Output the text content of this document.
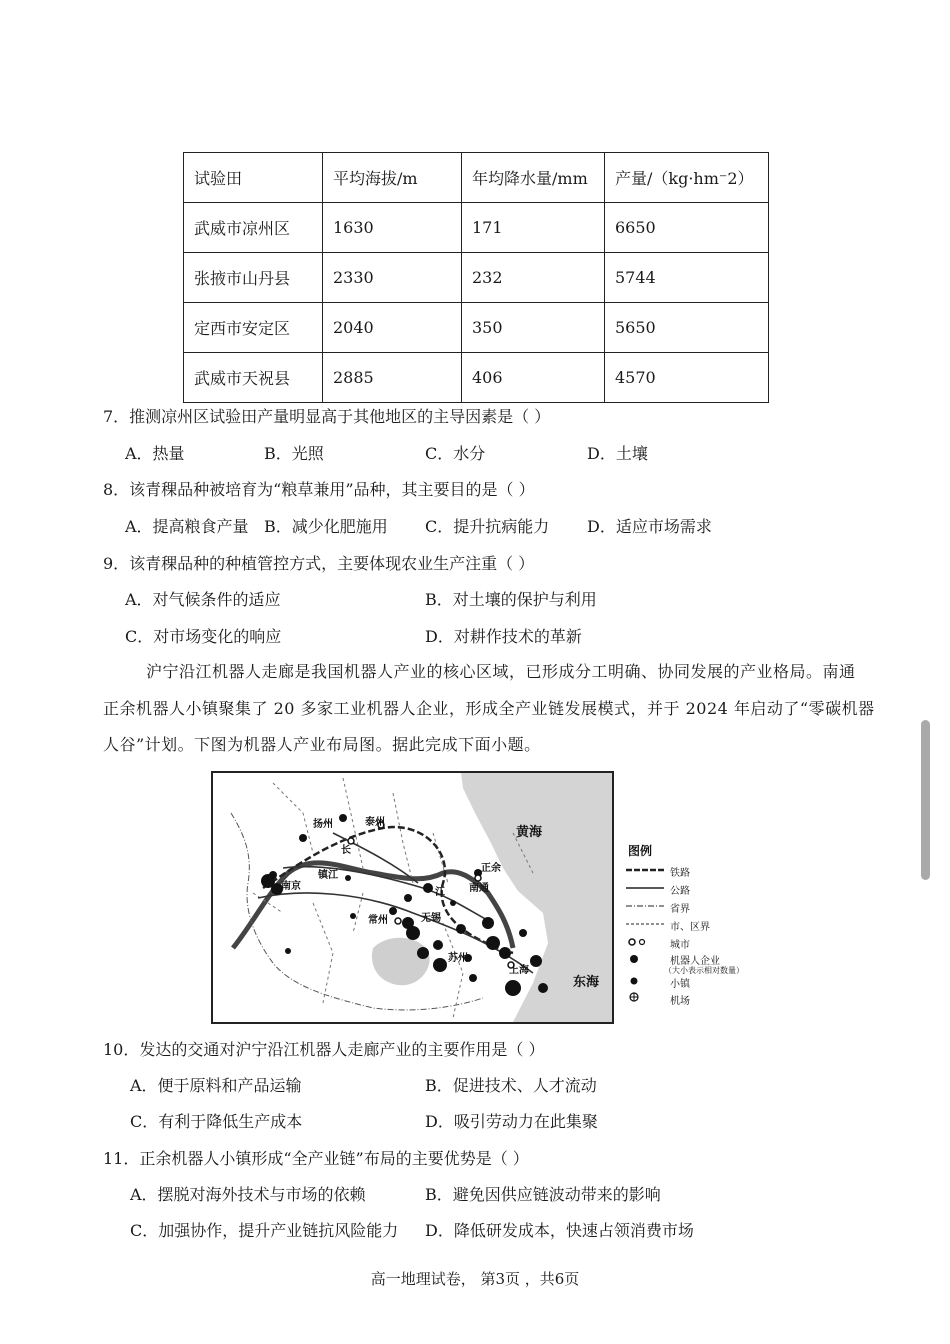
试验田	平均海拔/m	年均降水量/mm	产量/（kg·hm⁻2）
武威市凉州区	1630	171	6650
张掖市山丹县	2330	232	5744
定西市安定区	2040	350	5650
武威市天祝县	2885	406	4570
7．推测凉州区试验田产量明显高于其他地区的主导因素是（ ）
A．热量	B．光照	C．水分	D．土壤
8．该青稞品种被培育为“粮草兼用”品种，其主要目的是（ ）
A．提高粮食产量 B．减少化肥施用 C．提升抗病能力 D．适应市场需求
9．该青稞品种的种植管控方式，主要体现农业生产注重（ ）
A．对气候条件的适应	B．对土壤的保护与利用
C．对市场变化的响应	D．对耕作技术的革新
沪宁沿江机器人走廊是我国机器人产业的核心区域，已形成分工明确、协同发展的产业格局。南通
正余机器人小镇聚集了 20 多家工业机器人企业，形成全产业链发展模式，并于 2024 年启动了“零碳机器
人谷”计划。下图为机器人产业布局图。据此完成下面小题。
扬州	泰州
长
镇江
南京
江
正余
南通
常州	无锡
苏州
上海
黄海
东海
图例
铁路
公路
省界
市、区界
城市
机器人企业
（大小表示相对数量）
小镇
机场
10．发达的交通对沪宁沿江机器人走廊产业的主要作用是（ ）
A．便于原料和产品运输	B．促进技术、人才流动
C．有利于降低生产成本	D．吸引劳动力在此集聚
11．正余机器人小镇形成“全产业链”布局的主要优势是（ ）
A．摆脱对海外技术与市场的依赖	B．避免因供应链波动带来的影响
C．加强协作，提升产业链抗风险能力 D．降低研发成本，快速占领消费市场
高一地理试卷， 第3页 ，共6页
